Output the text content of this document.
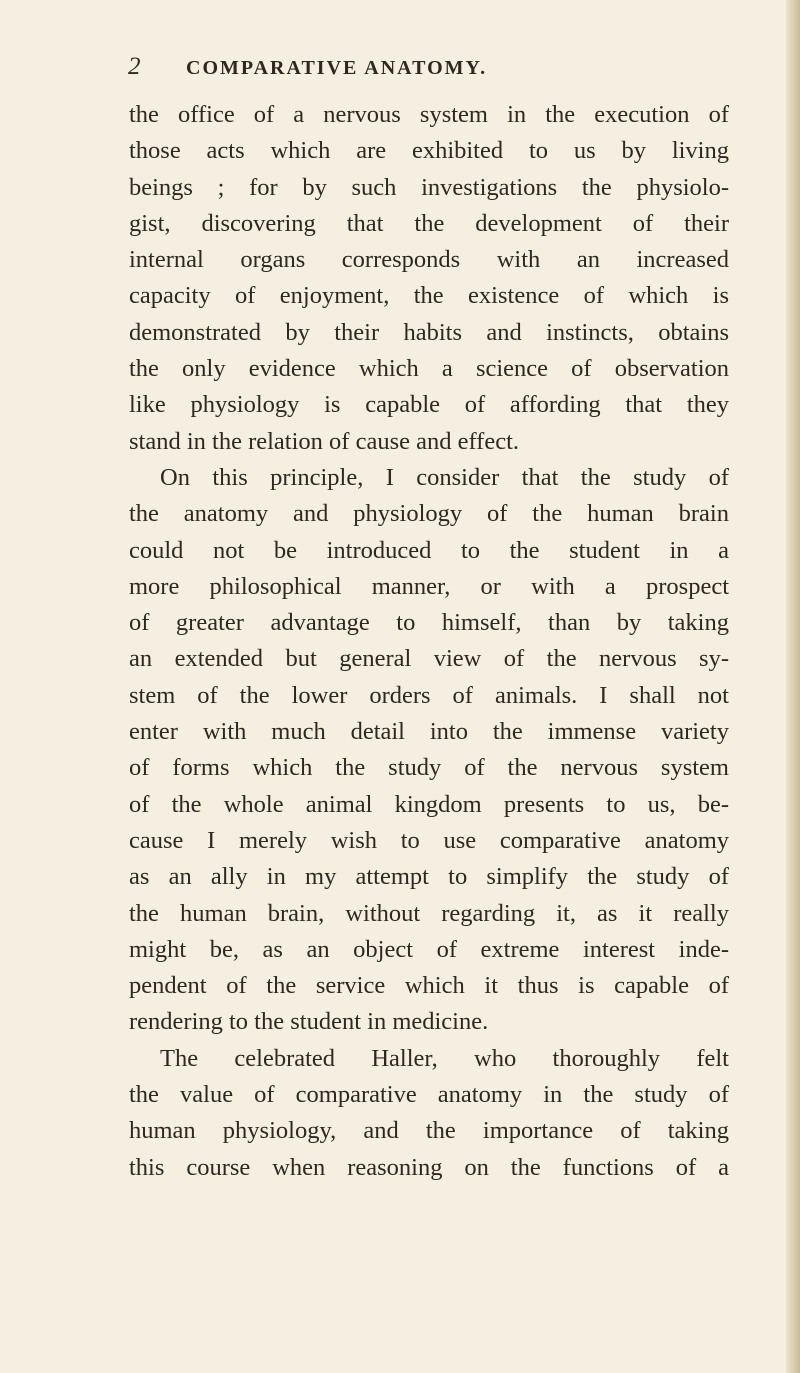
2 COMPARATIVE ANATOMY.
the office of a nervous system in the execution of
those acts which are exhibited to us by living
beings ; for by such investigations the physiolo-
gist, discovering that the development of their
internal organs corresponds with an increased
capacity of enjoyment, the existence of which is
demonstrated by their habits and instincts, obtains
the only evidence which a science of observation
like physiology is capable of affording that they
stand in the relation of cause and effect.
On this principle, I consider that the study of
the anatomy and physiology of the human brain
could not be introduced to the student in a
more philosophical manner, or with a prospect
of greater advantage to himself, than by taking
an extended but general view of the nervous sy-
stem of the lower orders of animals. I shall not
enter with much detail into the immense variety
of forms which the study of the nervous system
of the whole animal kingdom presents to us, be-
cause I merely wish to use comparative anatomy
as an ally in my attempt to simplify the study of
the human brain, without regarding it, as it really
might be, as an object of extreme interest inde-
pendent of the service which it thus is capable of
rendering to the student in medicine.
The celebrated Haller, who thoroughly felt
the value of comparative anatomy in the study of
human physiology, and the importance of taking
this course when reasoning on the functions of a
